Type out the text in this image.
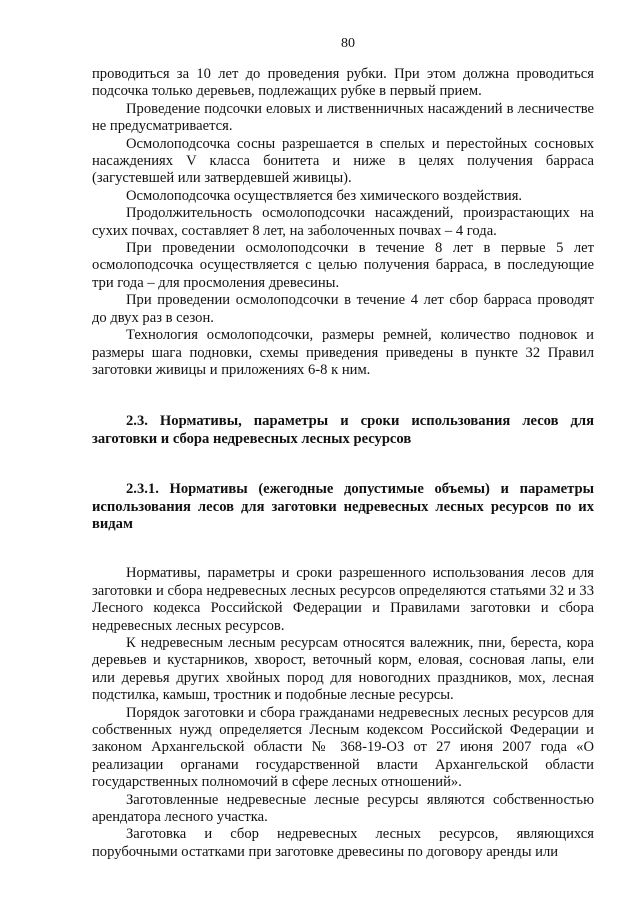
80

проводиться за 10 лет до проведения рубки. При этом должна проводиться подсочка только деревьев, подлежащих рубке в первый прием.

Проведение подсочки еловых и лиственничных насаждений в лесничестве не предусматривается.

Осмолоподсочка сосны разрешается в спелых и перестойных сосновых насаждениях V класса бонитета и ниже в целях получения барраса (загустевшей или затвердевшей живицы).

Осмолоподсочка осуществляется без химического воздействия.

Продолжительность осмолоподсочки насаждений, произрастающих на сухих почвах, составляет 8 лет, на заболоченных почвах – 4 года.

При проведении осмолоподсочки в течение 8 лет в первые 5 лет осмолоподсочка осуществляется с целью получения барраса, в последующие три года – для просмоления древесины.

При проведении осмолоподсочки в течение 4 лет сбор барраса проводят до двух раз в сезон.

Технология осмолоподсочки, размеры ремней, количество подновок и размеры шага подновки, схемы приведения приведены в пункте 32 Правил заготовки живицы и приложениях 6-8 к ним.

2.3. Нормативы, параметры и сроки использования лесов для заготовки и сбора недревесных лесных ресурсов
2.3.1. Нормативы (ежегодные допустимые объемы) и параметры использования лесов для заготовки недревесных лесных ресурсов по их видам

Нормативы, параметры и сроки разрешенного использования лесов для заготовки и сбора недревесных лесных ресурсов определяются статьями 32 и 33 Лесного кодекса Российской Федерации и Правилами заготовки и сбора недревесных лесных ресурсов.

К недревесным лесным ресурсам относятся валежник, пни, береста, кора деревьев и кустарников, хворост, веточный корм, еловая, сосновая лапы, ели или деревья других хвойных пород для новогодних праздников, мох, лесная подстилка, камыш, тростник и подобные лесные ресурсы.

Порядок заготовки и сбора гражданами недревесных лесных ресурсов для собственных нужд определяется Лесным кодексом Российской Федерации и законом Архангельской области № 368-19-ОЗ от 27 июня 2007 года «О реализации органами государственной власти Архангельской области государственных полномочий в сфере лесных отношений».

Заготовленные недревесные лесные ресурсы являются собственностью арендатора лесного участка.

Заготовка и сбор недревесных лесных ресурсов, являющихся порубочными остатками при заготовке древесины по договору аренды или
